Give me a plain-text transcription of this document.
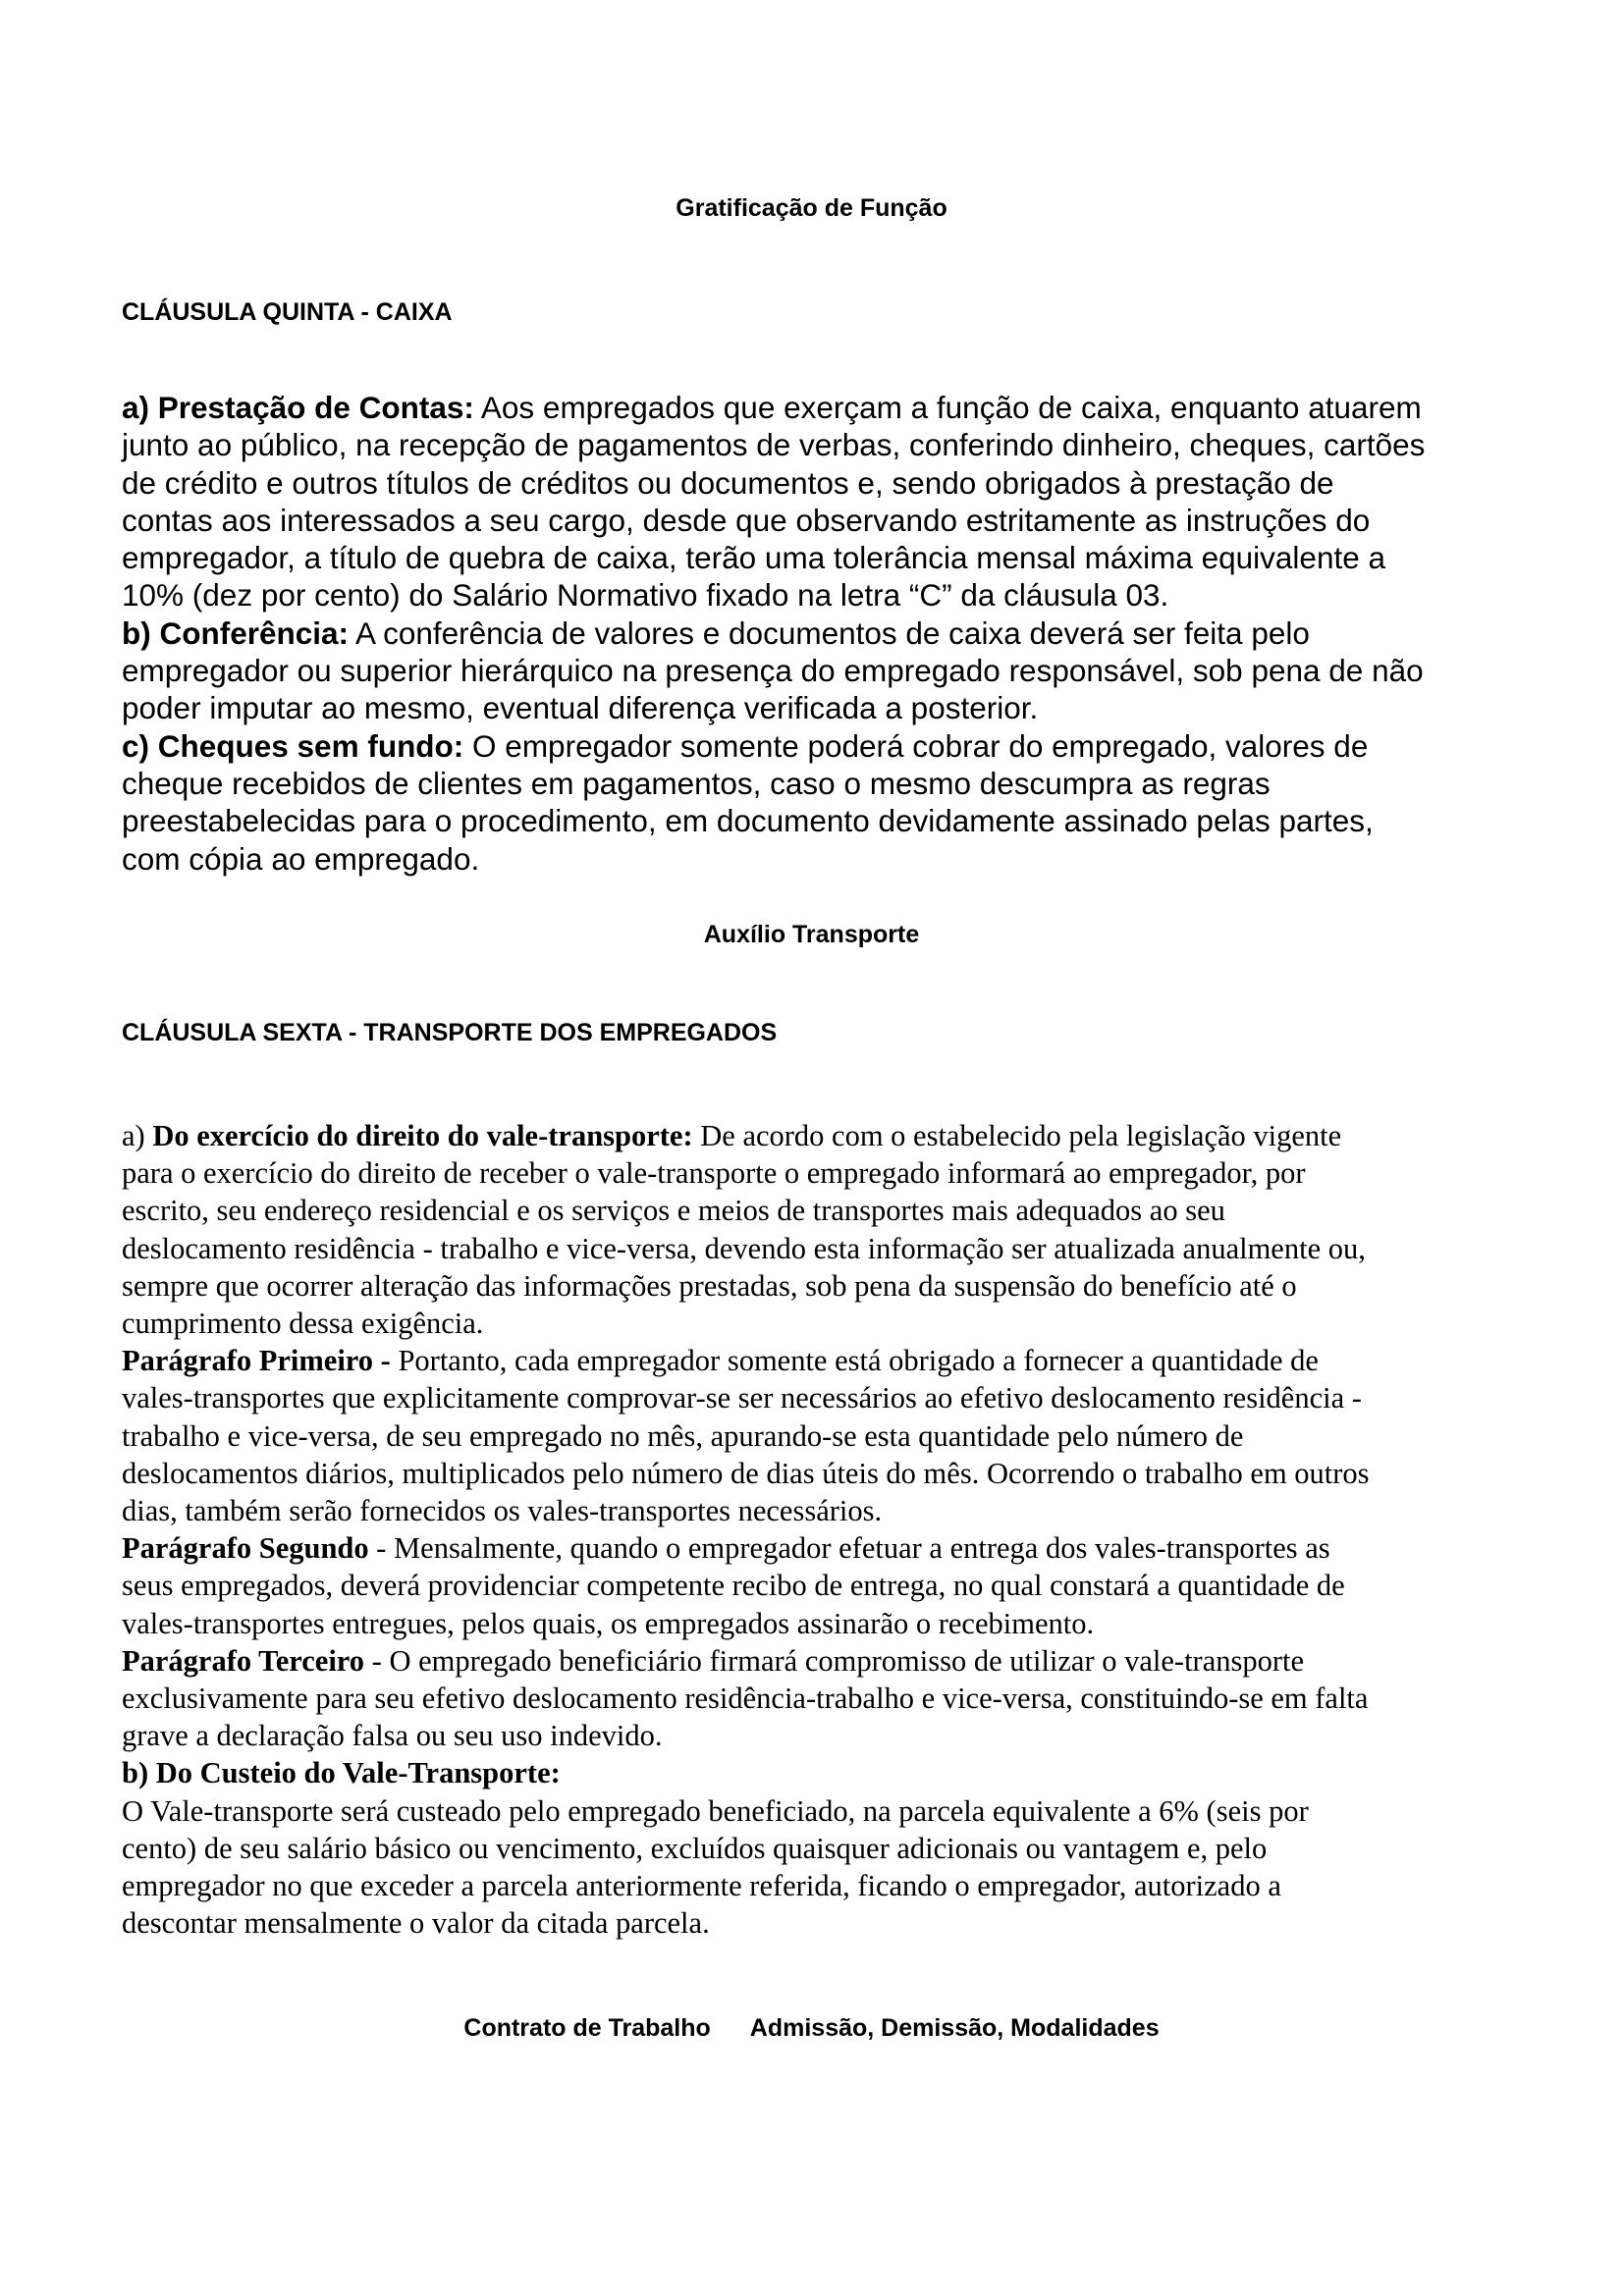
Gratificação de Função
CLÁUSULA QUINTA - CAIXA
a) Prestação de Contas: Aos empregados que exerçam a função de caixa, enquanto atuarem
junto ao público, na recepção de pagamentos de verbas, conferindo dinheiro, cheques, cartões
de crédito e outros títulos de créditos ou documentos e, sendo obrigados à prestação de
contas aos interessados a seu cargo, desde que observando estritamente as instruções do
empregador, a título de quebra de caixa, terão uma tolerância mensal máxima equivalente a
10% (dez por cento) do Salário Normativo fixado na letra “C” da cláusula 03.
b) Conferência: A conferência de valores e documentos de caixa deverá ser feita pelo
empregador ou superior hierárquico na presença do empregado responsável, sob pena de não
poder imputar ao mesmo, eventual diferença verificada a posterior.
c) Cheques sem fundo: O empregador somente poderá cobrar do empregado, valores de
cheque recebidos de clientes em pagamentos, caso o mesmo descumpra as regras
preestabelecidas para o procedimento, em documento devidamente assinado pelas partes,
com cópia ao empregado.
Auxílio Transporte
CLÁUSULA SEXTA - TRANSPORTE DOS EMPREGADOS
a) Do exercício do direito do vale-transporte: De acordo com o estabelecido pela legislação vigente
para o exercício do direito de receber o vale-transporte o empregado informará ao empregador, por
escrito, seu endereço residencial e os serviços e meios de transportes mais adequados ao seu
deslocamento residência - trabalho e vice-versa, devendo esta informação ser atualizada anualmente ou,
sempre que ocorrer alteração das informações prestadas, sob pena da suspensão do benefício até o
cumprimento dessa exigência.
Parágrafo Primeiro - Portanto, cada empregador somente está obrigado a fornecer a quantidade de
vales-transportes que explicitamente comprovar-se ser necessários ao efetivo deslocamento residência -
trabalho e vice-versa, de seu empregado no mês, apurando-se esta quantidade pelo número de
deslocamentos diários, multiplicados pelo número de dias úteis do mês. Ocorrendo o trabalho em outros
dias, também serão fornecidos os vales-transportes necessários.
Parágrafo Segundo - Mensalmente, quando o empregador efetuar a entrega dos vales-transportes as
seus empregados, deverá providenciar competente recibo de entrega, no qual constará a quantidade de
vales-transportes entregues, pelos quais, os empregados assinarão o recebimento.
Parágrafo Terceiro - O empregado beneficiário firmará compromisso de utilizar o vale-transporte
exclusivamente para seu efetivo deslocamento residência-trabalho e vice-versa, constituindo-se em falta
grave a declaração falsa ou seu uso indevido.
b) Do Custeio do Vale-Transporte:
O Vale-transporte será custeado pelo empregado beneficiado, na parcela equivalente a 6% (seis por
cento) de seu salário básico ou vencimento, excluídos quaisquer adicionais ou vantagem e, pelo
empregador no que exceder a parcela anteriormente referida, ficando o empregador, autorizado a
descontar mensalmente o valor da citada parcela.
Contrato de Trabalho Admissão, Demissão, Modalidades
